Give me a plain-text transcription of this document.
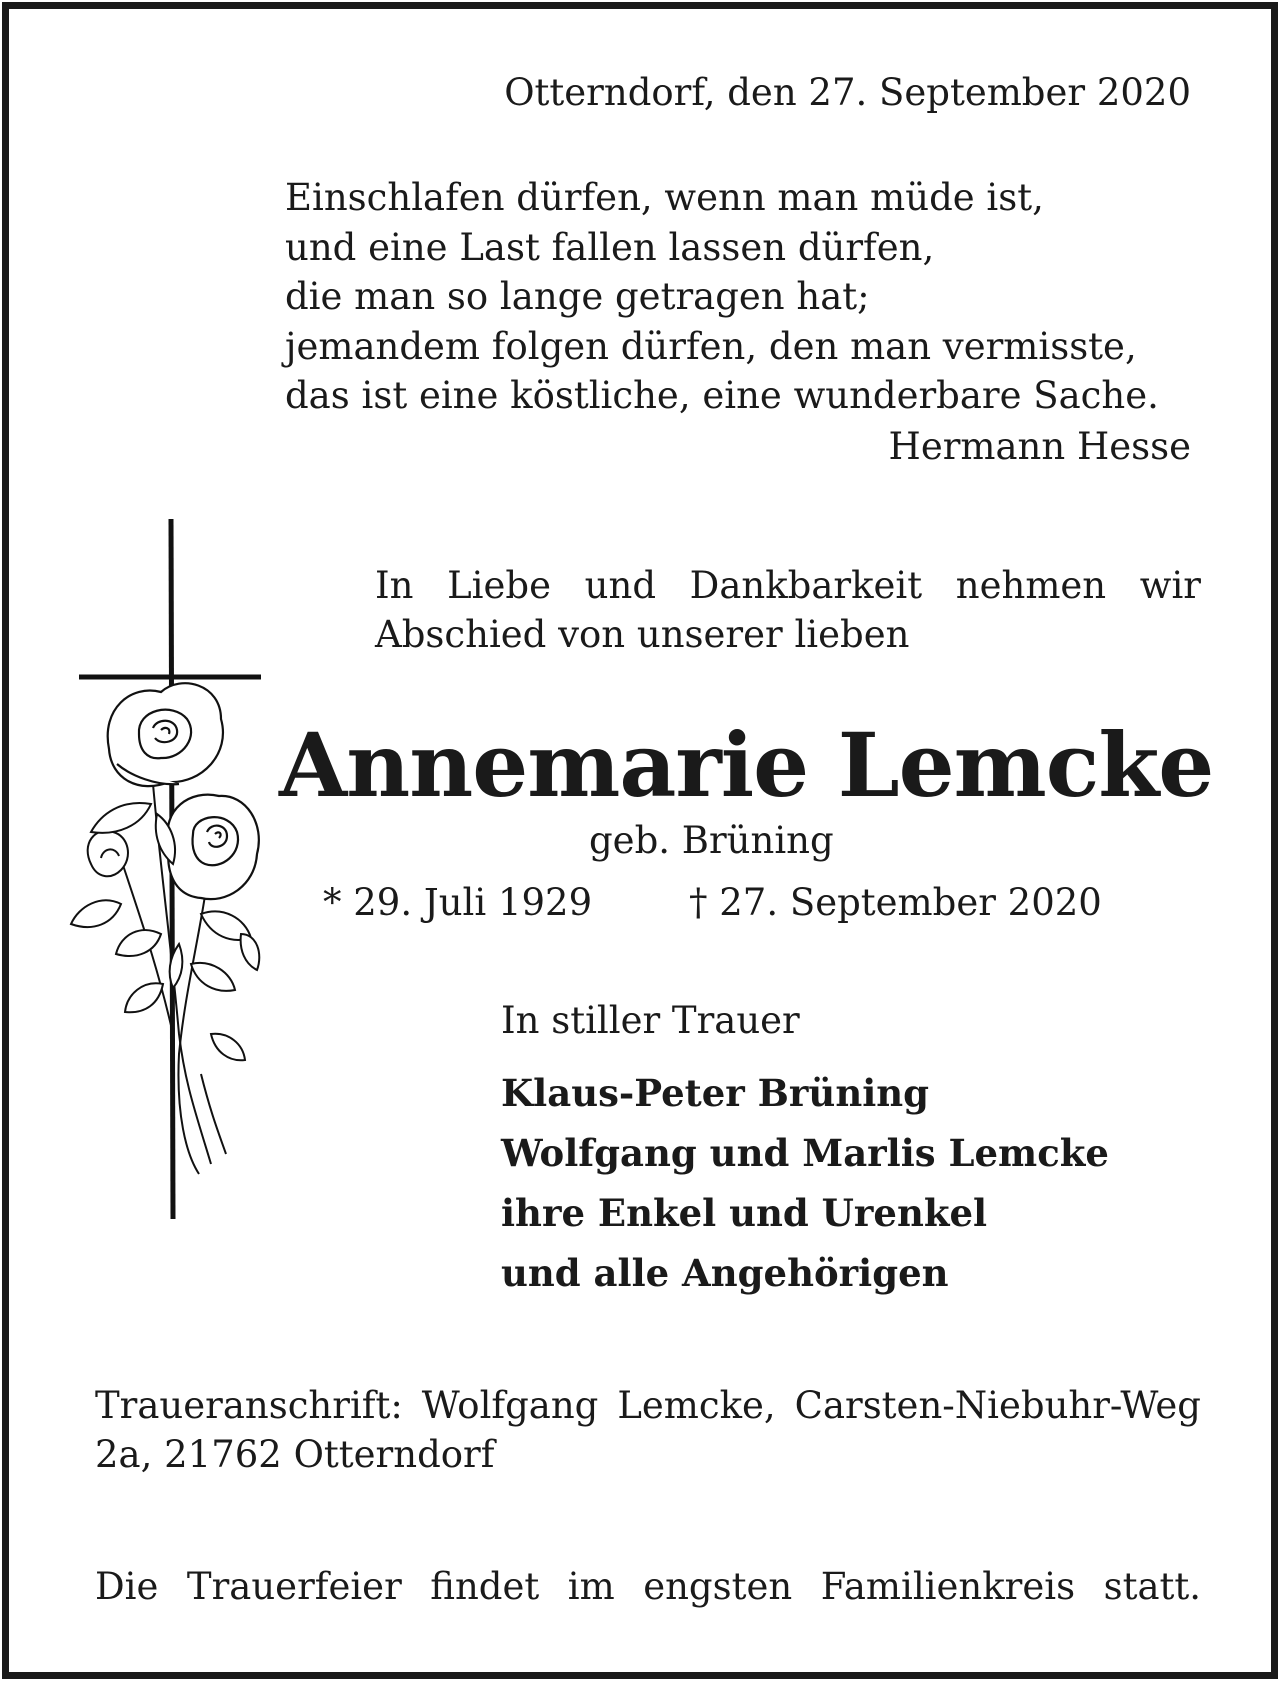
Otterndorf, den 27. September 2020
Einschlafen dürfen, wenn man müde ist,
und eine Last fallen lassen dürfen,
die man so lange getragen hat;
jemandem folgen dürfen, den man vermisste,
das ist eine köstliche, eine wunderbare Sache.
Hermann Hesse
In Liebe und Dankbarkeit nehmen wir Abschied von unserer lieben
Annemarie Lemcke
geb. Brüning
* 29. Juli 1929	† 27. September 2020
In stiller Trauer
Klaus-Peter Brüning
Wolfgang und Marlis Lemcke
ihre Enkel und Urenkel
und alle Angehörigen
Traueranschrift: Wolfgang Lemcke, Carsten-Niebuhr-Weg 2a, 21762 Otterndorf
Die Trauerfeier findet im engsten Familienkreis statt.
